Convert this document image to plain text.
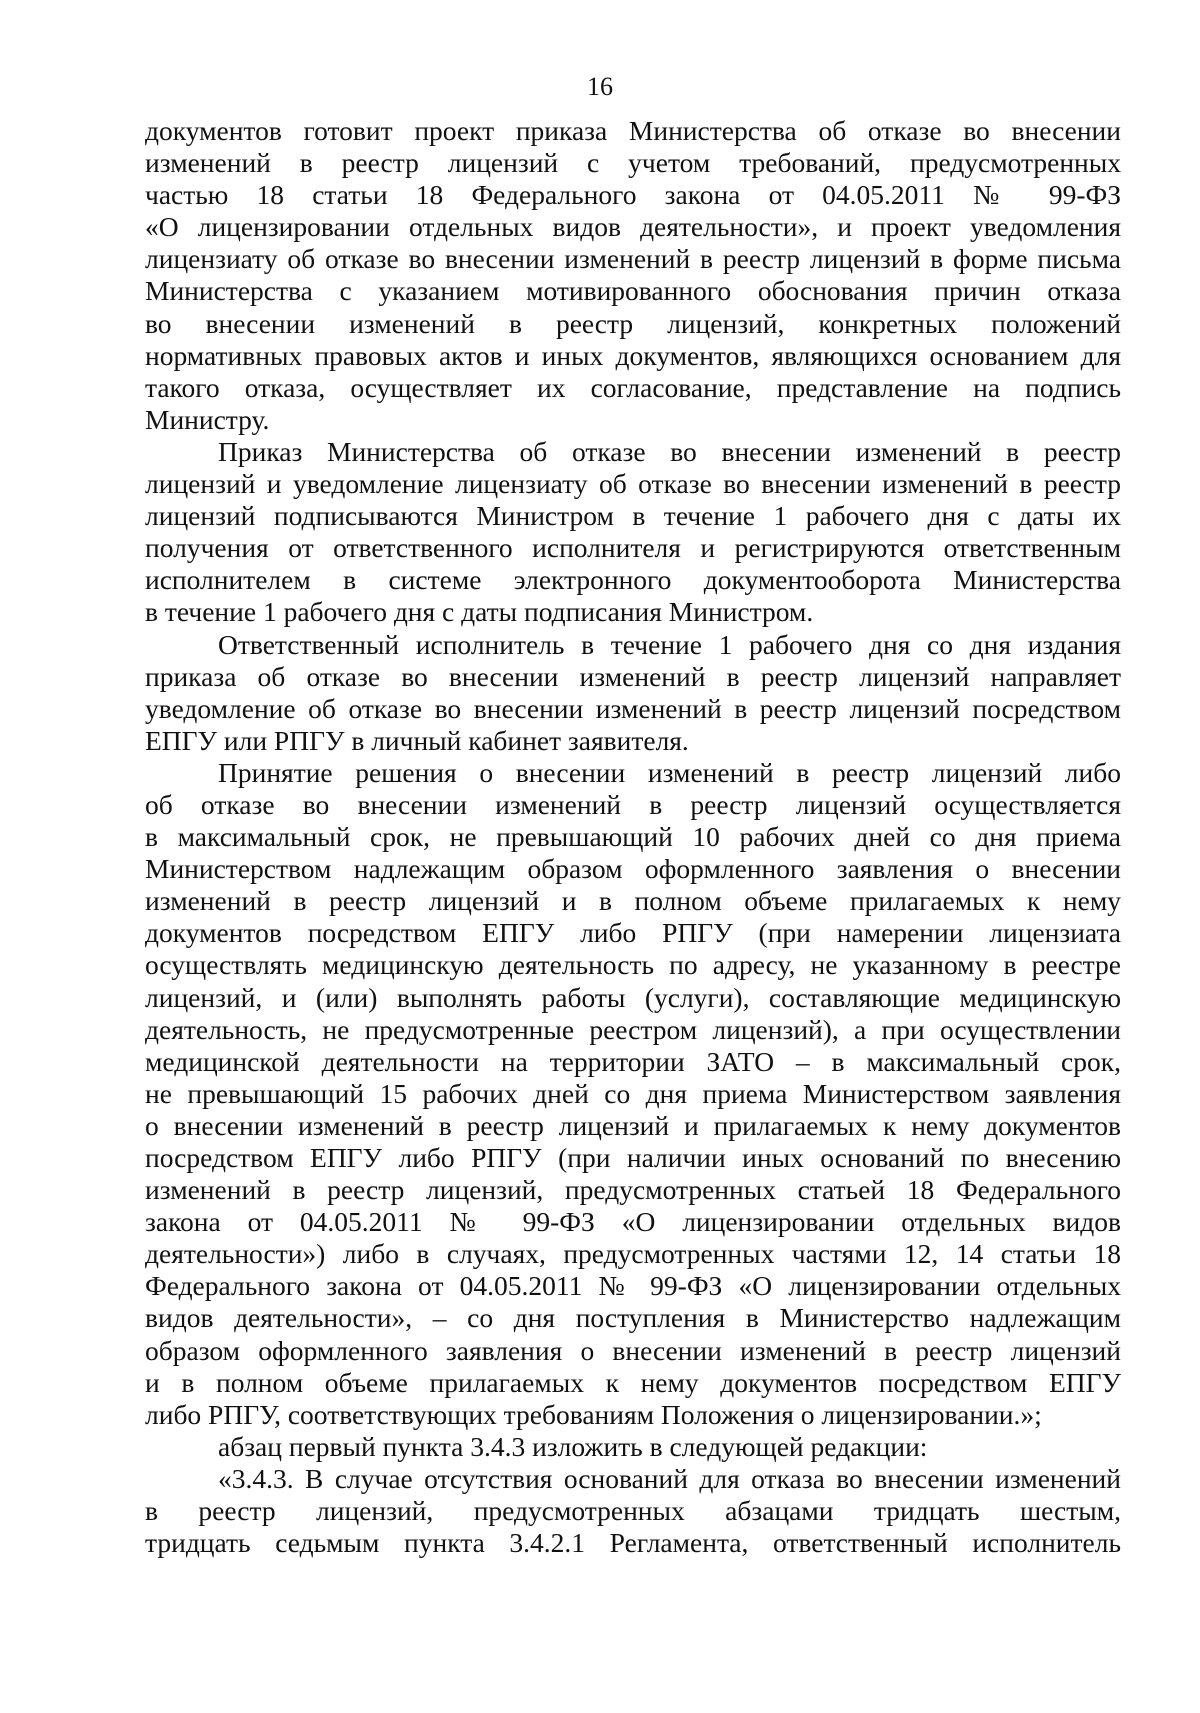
16
документов готовит проект приказа Министерства об отказе во внесении
изменений в реестр лицензий с учетом требований, предусмотренных
частью 18 статьи 18 Федерального закона от 04.05.2011 № 99-ФЗ
«О лицензировании отдельных видов деятельности», и проект уведомления
лицензиату об отказе во внесении изменений в реестр лицензий в форме письма
Министерства с указанием мотивированного обоснования причин отказа
во внесении изменений в реестр лицензий, конкретных положений
нормативных правовых актов и иных документов, являющихся основанием для
такого отказа, осуществляет их согласование, представление на подпись
Министру.
Приказ Министерства об отказе во внесении изменений в реестр
лицензий и уведомление лицензиату об отказе во внесении изменений в реестр
лицензий подписываются Министром в течение 1 рабочего дня с даты их
получения от ответственного исполнителя и регистрируются ответственным
исполнителем в системе электронного документооборота Министерства
в течение 1 рабочего дня с даты подписания Министром.
Ответственный исполнитель в течение 1 рабочего дня со дня издания
приказа об отказе во внесении изменений в реестр лицензий направляет
уведомление об отказе во внесении изменений в реестр лицензий посредством
ЕПГУ или РПГУ в личный кабинет заявителя.
Принятие решения о внесении изменений в реестр лицензий либо
об отказе во внесении изменений в реестр лицензий осуществляется
в максимальный срок, не превышающий 10 рабочих дней со дня приема
Министерством надлежащим образом оформленного заявления о внесении
изменений в реестр лицензий и в полном объеме прилагаемых к нему
документов посредством ЕПГУ либо РПГУ (при намерении лицензиата
осуществлять медицинскую деятельность по адресу, не указанному в реестре
лицензий, и (или) выполнять работы (услуги), составляющие медицинскую
деятельность, не предусмотренные реестром лицензий), а при осуществлении
медицинской деятельности на территории ЗАТО – в максимальный срок,
не превышающий 15 рабочих дней со дня приема Министерством заявления
о внесении изменений в реестр лицензий и прилагаемых к нему документов
посредством ЕПГУ либо РПГУ (при наличии иных оснований по внесению
изменений в реестр лицензий, предусмотренных статьей 18 Федерального
закона от 04.05.2011 № 99-ФЗ «О лицензировании отдельных видов
деятельности») либо в случаях, предусмотренных частями 12, 14 статьи 18
Федерального закона от 04.05.2011 № 99-ФЗ «О лицензировании отдельных
видов деятельности», – со дня поступления в Министерство надлежащим
образом оформленного заявления о внесении изменений в реестр лицензий
и в полном объеме прилагаемых к нему документов посредством ЕПГУ
либо РПГУ, соответствующих требованиям Положения о лицензировании.»;
абзац первый пункта 3.4.3 изложить в следующей редакции:
«3.4.3. В случае отсутствия оснований для отказа во внесении изменений
в реестр лицензий, предусмотренных абзацами тридцать шестым,
тридцать седьмым пункта 3.4.2.1 Регламента, ответственный исполнитель
